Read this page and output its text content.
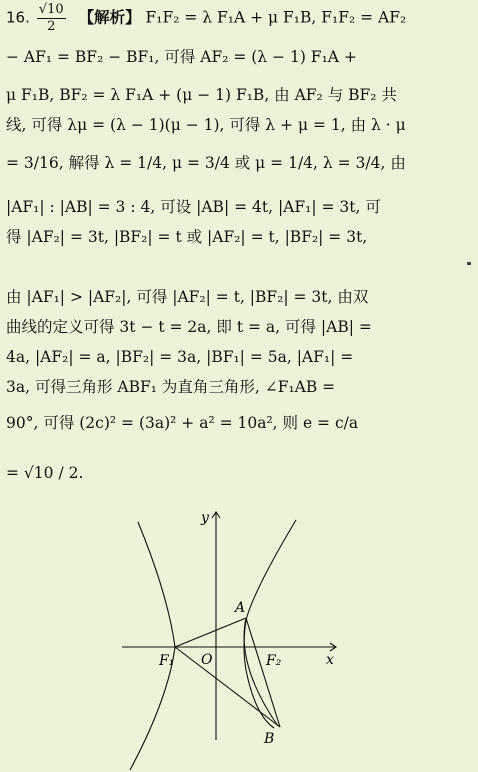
16. $\frac{√10}{2}$ 【解析】 F₁F₂ = λ F₁A + μ F₁B, F₁F₂ = AF₂
− AF₁ = BF₂ − BF₁, 可得 AF₂ = (λ − 1) F₁A +
μ F₁B, BF₂ = λ F₁A + (μ − 1) F₁B, 由 AF₂ 与 BF₂ 共
线, 可得 λμ = (λ − 1)(μ − 1), 可得 λ + μ = 1, 由 λ · μ
= 3/16, 解得 λ = 1/4, μ = 3/4 或 μ = 1/4, λ = 3/4, 由
|AF₁| : |AB| = 3 : 4, 可设 |AB| = 4t, |AF₁| = 3t, 可
得 |AF₂| = 3t, |BF₂| = t 或 |AF₂| = t, |BF₂| = 3t,
由 |AF₁| > |AF₂|, 可得 |AF₂| = t, |BF₂| = 3t, 由双
曲线的定义可得 3t − t = 2a, 即 t = a, 可得 |AB| =
4a, |AF₂| = a, |BF₂| = 3a, |BF₁| = 5a, |AF₁| =
3a, 可得三角形 ABF₁ 为直角三角形, ∠F₁AB =
90°, 可得 (2c)² = (3a)² + a² = 10a², 则 e = c/a
= √10 / 2.
x
y
O
F₁	F₂
A
B
